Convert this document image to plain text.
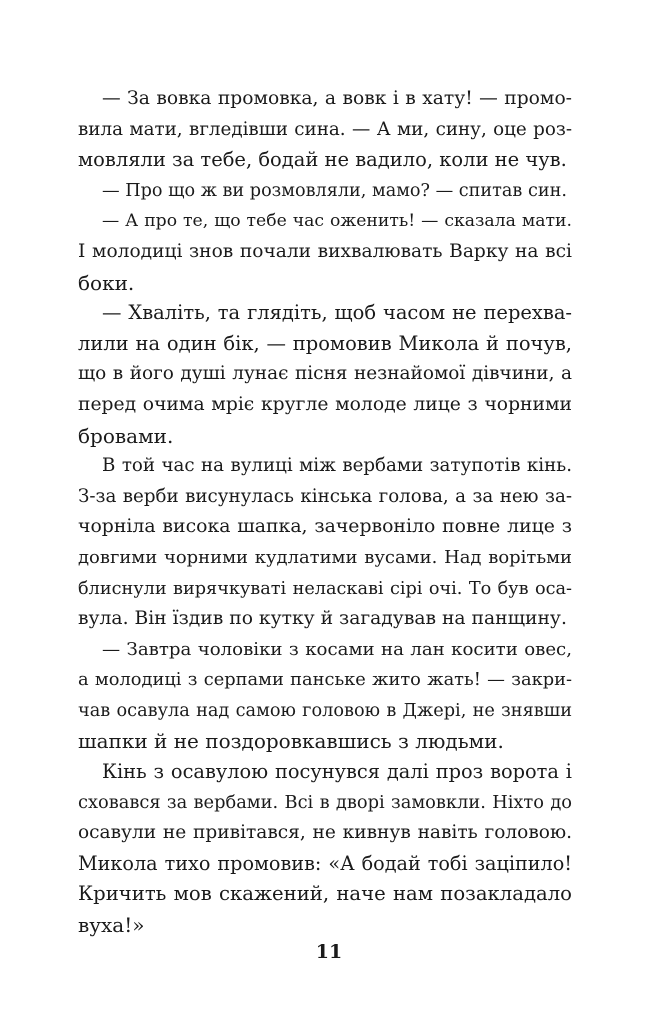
— За вовка промовка, а вовк і в хату! — промо-
вила мати, вгледівши сина. — А ми, сину, оце роз-
мовляли за тебе, бодай не вадило, коли не чув.
— Про що ж ви розмовляли, мамо? — спитав син.
— А про те, що тебе час оженить! — сказала мати.
І молодиці знов почали вихвалювать Варку на всі
боки.
— Хваліть, та глядіть, щоб часом не перехва-
лили на один бік, — промовив Микола й почув,
що в його душі лунає пісня незнайомої дівчини, а
перед очима мріє кругле молоде лице з чорними
бровами.
В той час на вулиці між вербами затупотів кінь.
З-за верби висунулась кінська голова, а за нею за-
чорніла висока шапка, зачервоніло повне лице з
довгими чорними кудлатими вусами. Над ворітьми
блиснули вирячкуваті неласкаві сірі очі. То був оса-
вула. Він їздив по кутку й загадував на панщину.
— Завтра чоловіки з косами на лан косити овес,
а молодиці з серпами панське жито жать! — закри-
чав осавула над самою головою в Джері, не знявши
шапки й не поздоровкавшись з людьми.
Кінь з осавулою посунувся далі проз ворота і
сховався за вербами. Всі в дворі замовкли. Ніхто до
осавули не привітався, не кивнув навіть головою.
Микола тихо промовив: «А бодай тобі заціпило!
Кричить мов скажений, наче нам позакладало
вуха!»
11
